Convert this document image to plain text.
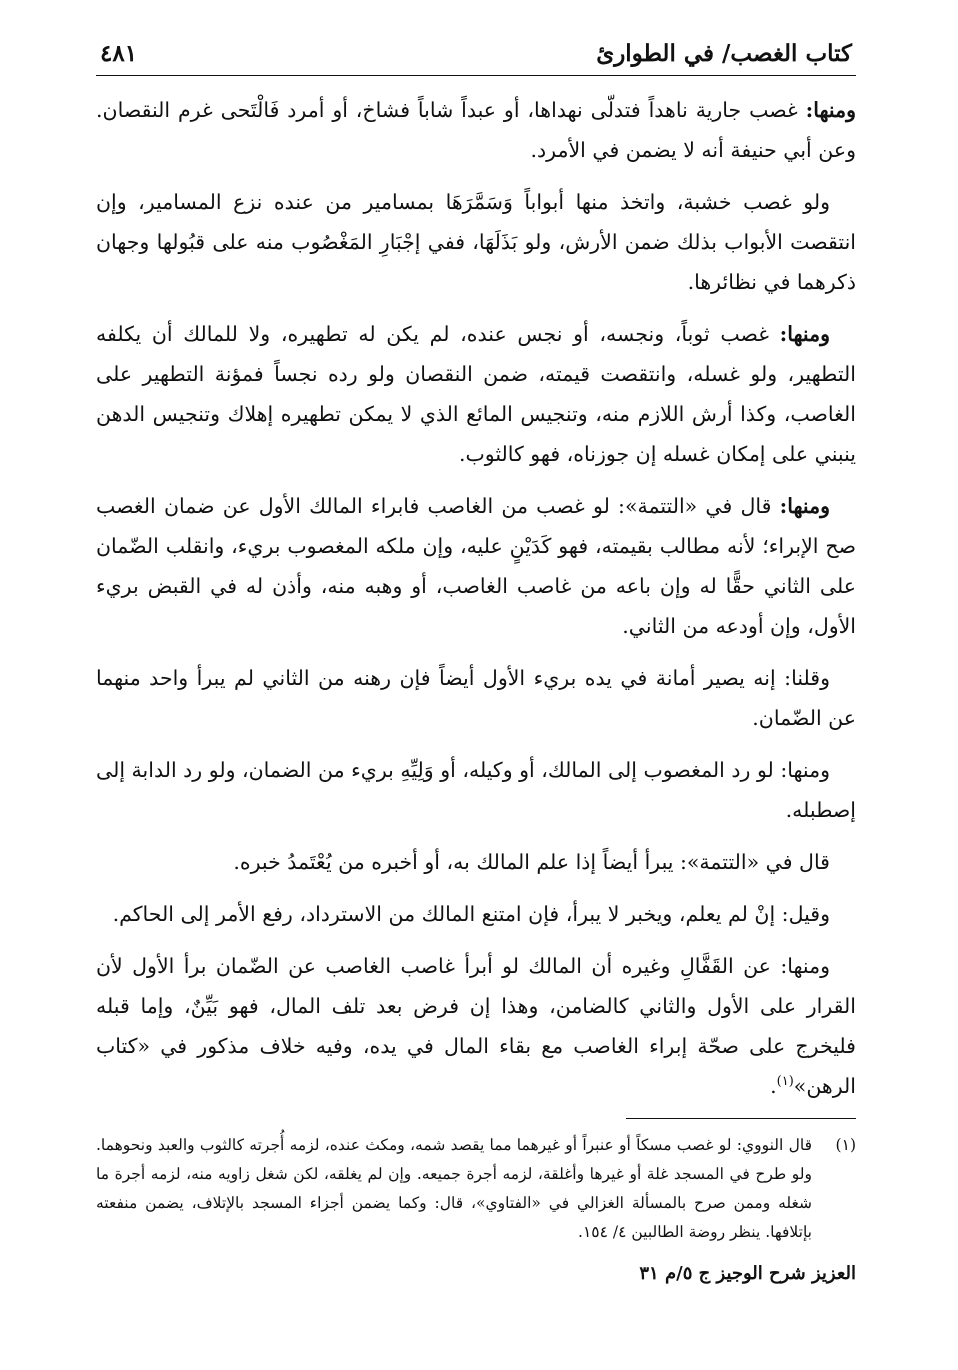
كتاب الغصب/ في الطوارئ
٤٨١

ومنها: غصب جارية ناهداً فتدلّى نهداها، أو عبداً شاباً فشاخ، أو أمرد فَالْتَحى غرم النقصان. وعن أبي حنيفة أنه لا يضمن في الأمرد.

ولو غصب خشبة، واتخذ منها أبواباً وَسَمَّرَهَا بمسامير من عنده نزع المسامير، وإن انتقصت الأبواب بذلك ضمن الأرش، ولو بَذَلَهَا، ففي إجْبَارِ المَغْصُوب منه على قبُولها وجهان ذكرهما في نظائرها.

ومنها: غصب ثوباً، ونجسه، أو نجس عنده، لم يكن له تطهيره، ولا للمالك أن يكلفه التطهير، ولو غسله، وانتقصت قيمته، ضمن النقصان ولو رده نجساً فمؤنة التطهير على الغاصب، وكذا أرش اللازم منه، وتنجيس المائع الذي لا يمكن تطهيره إهلاك وتنجيس الدهن ينبني على إمكان غسله إن جوزناه، فهو كالثوب.

ومنها: قال في «التتمة»: لو غصب من الغاصب فابراء المالك الأول عن ضمان الغصب صح الإبراء؛ لأنه مطالب بقيمته، فهو كَدَيْنٍ عليه، وإن ملكه المغصوب بريء، وانقلب الضّمان على الثاني حقًّا له وإن باعه من غاصب الغاصب، أو وهبه منه، وأذن له في القبض بريء الأول، وإن أودعه من الثاني.

وقلنا: إنه يصير أمانة في يده بريء الأول أيضاً فإن رهنه من الثاني لم يبرأ واحد منهما عن الضّمان.

ومنها: لو رد المغصوب إلى المالك، أو وكيله، أو وَلِيِّهِ بريء من الضمان، ولو رد الدابة إلى إصطبله.

قال في «التتمة»: يبرأ أيضاً إذا علم المالك به، أو أخبره من يُعْتَمدُ خبره.

وقيل: إنْ لم يعلم، ويخبر لا يبرأ، فإن امتنع المالك من الاسترداد، رفع الأمر إلى الحاكم.

ومنها: عن القَفَّالِ وغيره أن المالك لو أبرأ غاصب الغاصب عن الضّمان برأ الأول لأن القرار على الأول والثاني كالضامن، وهذا إن فرض بعد تلف المال، فهو بَيِّنٌ، وإما قبله فليخرج على صحّة إبراء الغاصب مع بقاء المال في يده، وفيه خلاف مذكور في «كتاب الرهن»$^{(١)}$.

(١)
قال النووي: لو غصب مسكاً أو عنبراً أو غيرهما مما يقصد شمه، ومكث عنده، لزمه أُجرته كالثوب والعبد ونحوهما. ولو طرح في المسجد غلة أو غيرها وأغلقة، لزمه أجرة جميعه. وإن لم يغلقه، لكن شغل زاويه منه، لزمه أجرة ما شغله وممن صرح بالمسألة الغزالي في «الفتاوي»، قال: وكما يضمن أجزاء المسجد بالإتلاف، يضمن منفعته بإتلافها. ينظر روضة الطالبين ٤/ ١٥٤.
العزيز شرح الوجيز ج ٥/م ٣١
